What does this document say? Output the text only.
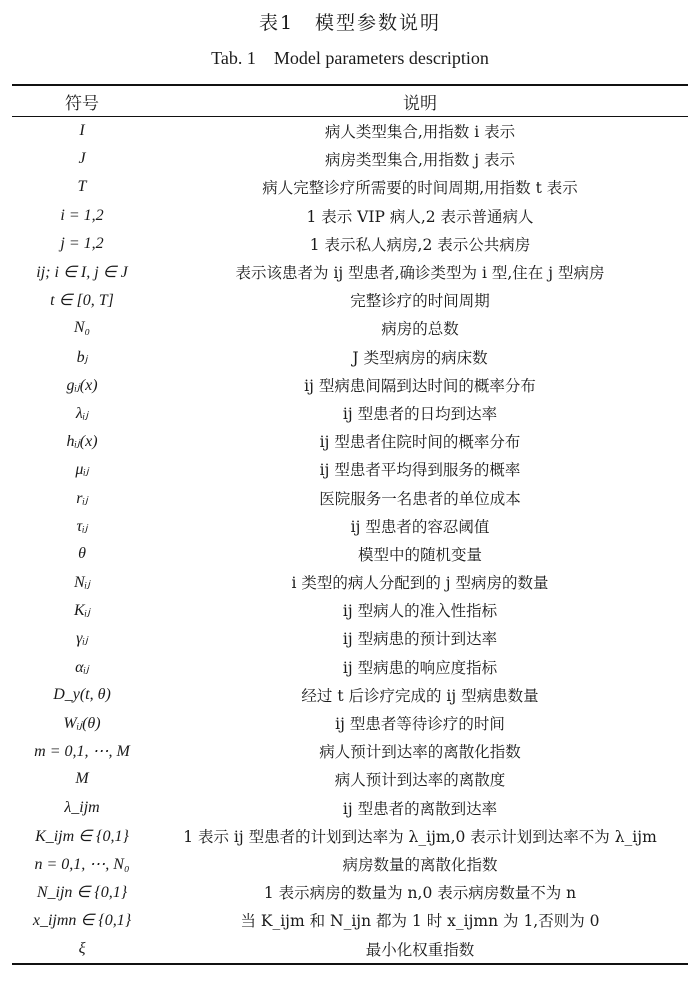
表1　模型参数说明
Tab. 1　Model parameters description
符号	说明
I	病人类型集合,用指数 i 表示
J	病房类型集合,用指数 j 表示
T	病人完整诊疗所需要的时间周期,用指数 t 表示
i = 1,2	1 表示 VIP 病人,2 表示普通病人
j = 1,2	1 表示私人病房,2 表示公共病房
ij; i ∈ I, j ∈ J	表示该患者为 ij 型患者,确诊类型为 i 型,住在 j 型病房
t ∈ [0, T]	完整诊疗的时间周期
N₀	病房的总数
bⱼ	J 类型病房的病床数
gᵢⱼ(x)	ij 型病患间隔到达时间的概率分布
λᵢⱼ	ij 型患者的日均到达率
hᵢⱼ(x)	ij 型患者住院时间的概率分布
μᵢⱼ	ij 型患者平均得到服务的概率
rᵢⱼ	医院服务一名患者的单位成本
τᵢⱼ	ij 型患者的容忍阈值
θ	模型中的随机变量
Nᵢⱼ	i 类型的病人分配到的 j 型病房的数量
Kᵢⱼ	ij 型病人的准入性指标
γᵢⱼ	ij 型病患的预计到达率
αᵢⱼ	ij 型病患的响应度指标
D_y(t, θ)	经过 t 后诊疗完成的 ij 型病患数量
Wᵢⱼ(θ)	ij 型患者等待诊疗的时间
m = 0,1, ⋯, M	病人预计到达率的离散化指数
M	病人预计到达率的离散度
λ_ijm	ij 型患者的离散到达率
K_ijm ∈ {0,1}	1 表示 ij 型患者的计划到达率为 λ_ijm,0 表示计划到达率不为 λ_ijm
n = 0,1, ⋯, N₀	病房数量的离散化指数
N_ijn ∈ {0,1}	1 表示病房的数量为 n,0 表示病房数量不为 n
x_ijmn ∈ {0,1}	当 K_ijm 和 N_ijn 都为 1 时 x_ijmn 为 1,否则为 0
ξ	最小化权重指数
